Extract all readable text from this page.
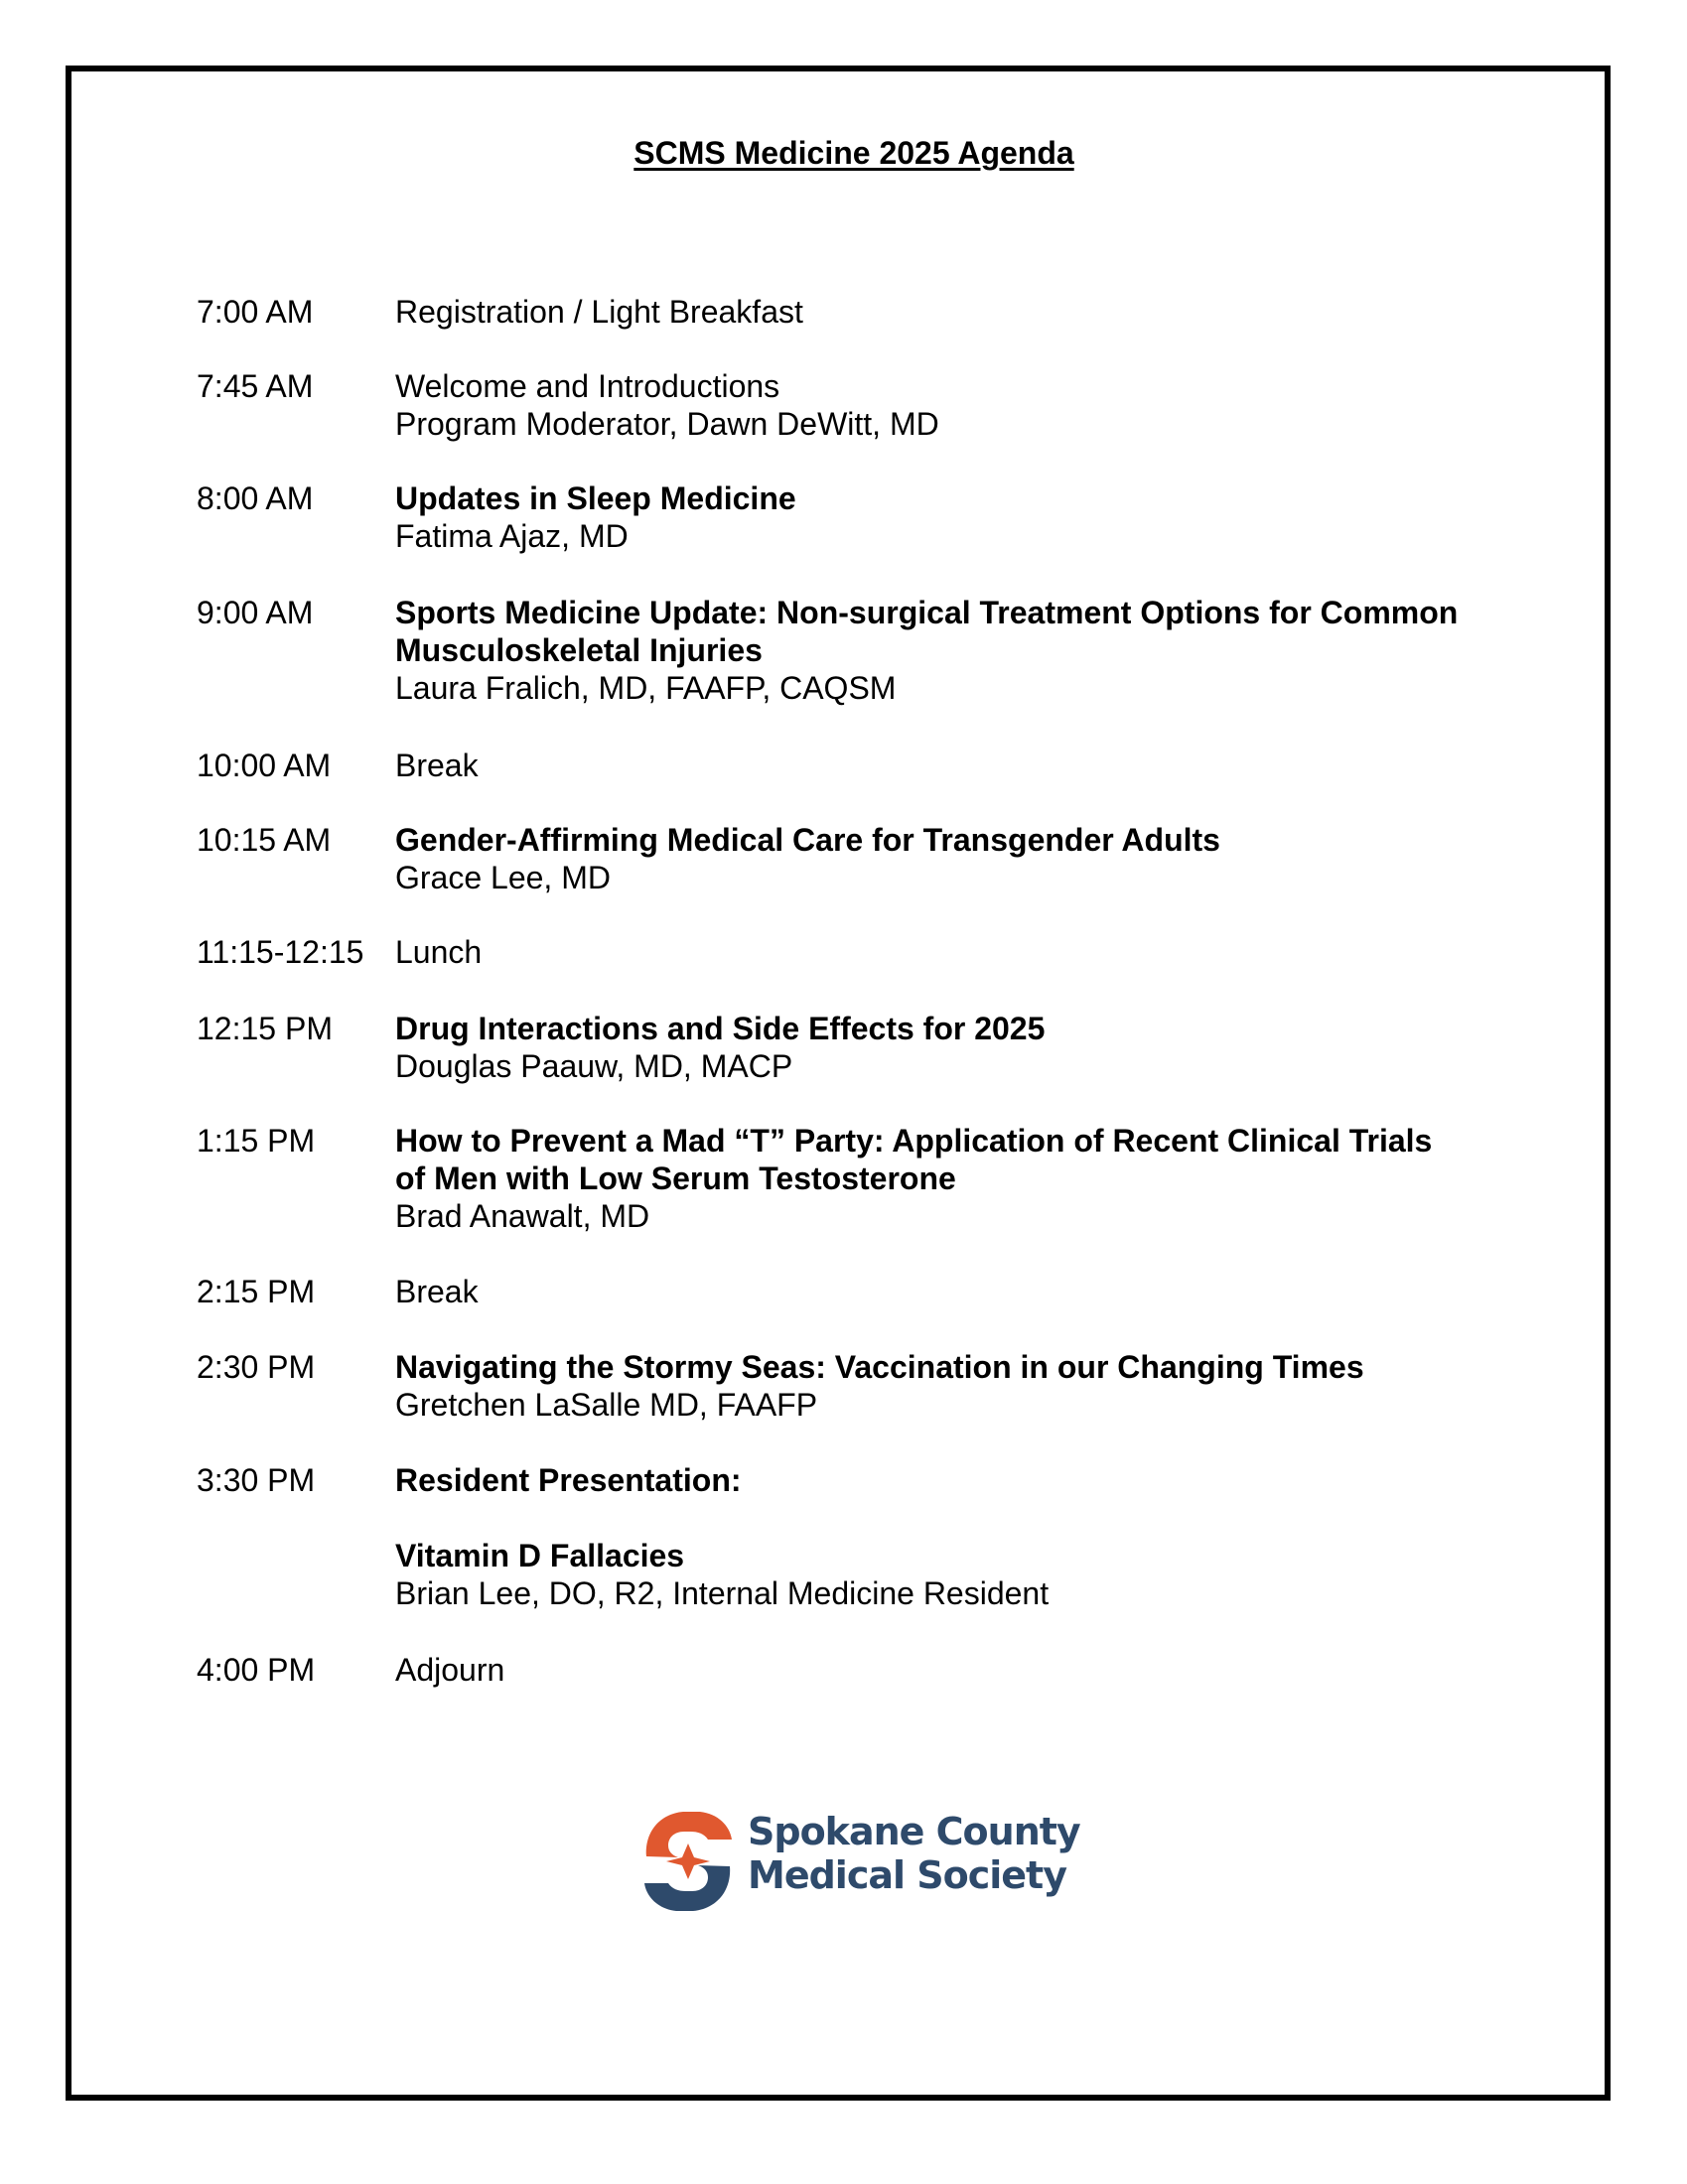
SCMS Medicine 2025 Agenda
7:00 AM	Registration / Light Breakfast
7:45 AM	Welcome and Introductions
Program Moderator, Dawn DeWitt, MD
8:00 AM	Updates in Sleep Medicine
Fatima Ajaz, MD
9:00 AM	Sports Medicine Update: Non-surgical Treatment Options for Common
Musculoskeletal Injuries
Laura Fralich, MD, FAAFP, CAQSM
10:00 AM	Break
10:15 AM	Gender-Affirming Medical Care for Transgender Adults
Grace Lee, MD
11:15-12:15 Lunch
12:15 PM	Drug Interactions and Side Effects for 2025
Douglas Paauw, MD, MACP
1:15 PM	How to Prevent a Mad “T” Party: Application of Recent Clinical Trials
of Men with Low Serum Testosterone
Brad Anawalt, MD
2:15 PM	Break
2:30 PM	Navigating the Stormy Seas: Vaccination in our Changing Times
Gretchen LaSalle MD, FAAFP
3:30 PM	Resident Presentation:
Vitamin D Fallacies
Brian Lee, DO, R2, Internal Medicine Resident
4:00 PM	Adjourn
Spokane County
Medical Society
